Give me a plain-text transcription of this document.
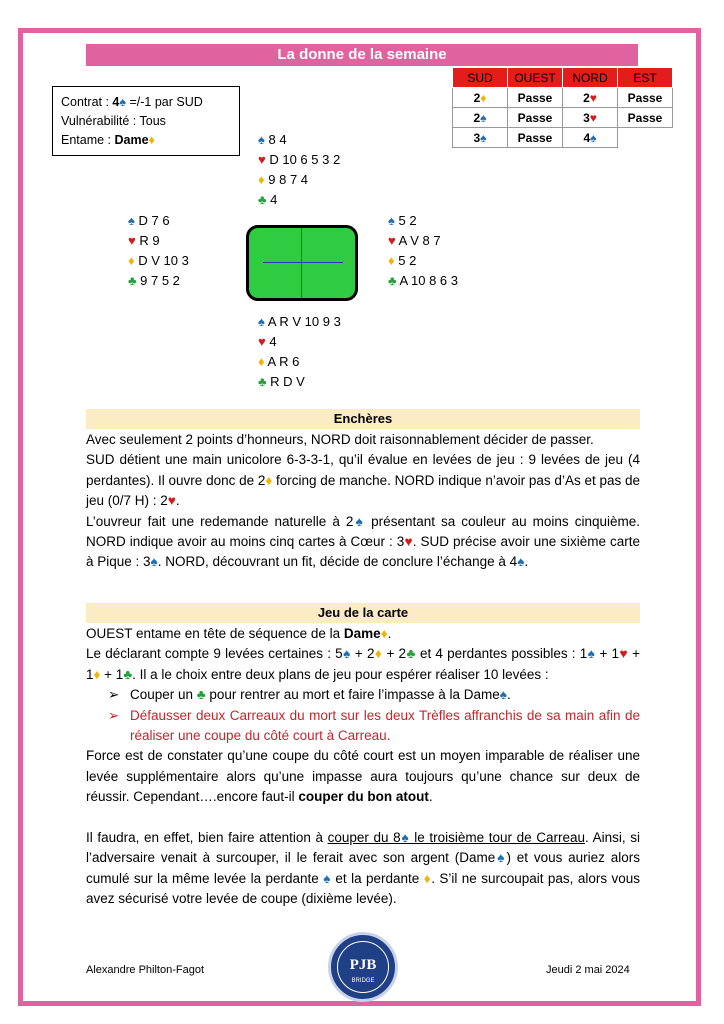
La donne de la semaine
Contrat : 4♠ =/-1 par SUD
Vulnérabilité : Tous
Entame : Dame♦
SUD	OUEST	NORD	EST
2♦	Passe	2♥	Passe
2♠	Passe	3♥	Passe
3♠	Passe	4♠	
♠ 8 4
♥ D 10 6 5 3 2
♦ 9 8 7 4
♣ 4
♠ D 7 6
♥ R 9
♦ D V 10 3
♣ 9 7 5 2
♠ 5 2
♥ A V 8 7
♦ 5 2
♣ A 10 8 6 3
♠ A R V 10 9 3
♥ 4
♦ A R 6
♣ R D V
Enchères

Avec seulement 2 points d’honneurs, NORD doit raisonnablement décider de passer.

SUD détient une main unicolore 6-3-3-1, qu’il évalue en levées de jeu : 9 levées de jeu (4 perdantes). Il ouvre donc de 2♦ forcing de manche. NORD indique n’avoir pas d’As et pas de jeu (0/7 H) : 2♥.

L’ouvreur fait une redemande naturelle à 2♠ présentant sa couleur au moins cinquième. NORD indique avoir au moins cinq cartes à Cœur : 3♥. SUD précise avoir une sixième carte à Pique : 3♠. NORD, découvrant un fit, décide de conclure l’échange à 4♠.

Jeu de la carte

OUEST entame en tête de séquence de la Dame♦.

Le déclarant compte 9 levées certaines : 5♠ + 2♦ + 2♣ et 4 perdantes possibles : 1♠ + 1♥ + 1♦ + 1♣. Il a le choix entre deux plans de jeu pour espérer réaliser 10 levées :

➢ Couper un ♣ pour rentrer au mort et faire l’impasse à la Dame♠.

➢ Défausser deux Carreaux du mort sur les deux Trèfles affranchis de sa main afin de réaliser une coupe du côté court à Carreau.

Force est de constater qu’une coupe du côté court est un moyen imparable de réaliser une levée supplémentaire alors qu’une impasse aura toujours qu’une chance sur deux de réussir. Cependant….encore faut-il couper du bon atout.

Il faudra, en effet, bien faire attention à couper du 8♠ le troisième tour de Carreau. Ainsi, si l’adversaire venait à surcouper, il le ferait avec son argent (Dame♠) et vous auriez alors cumulé sur la même levée la perdante ♠ et la perdante ♦. S’il ne surcoupait pas, alors vous avez sécurisé votre levée de coupe (dixième levée).

Alexandre Philton-Fagot	PJB
BRIDGE
Jeudi 2 mai 2024
